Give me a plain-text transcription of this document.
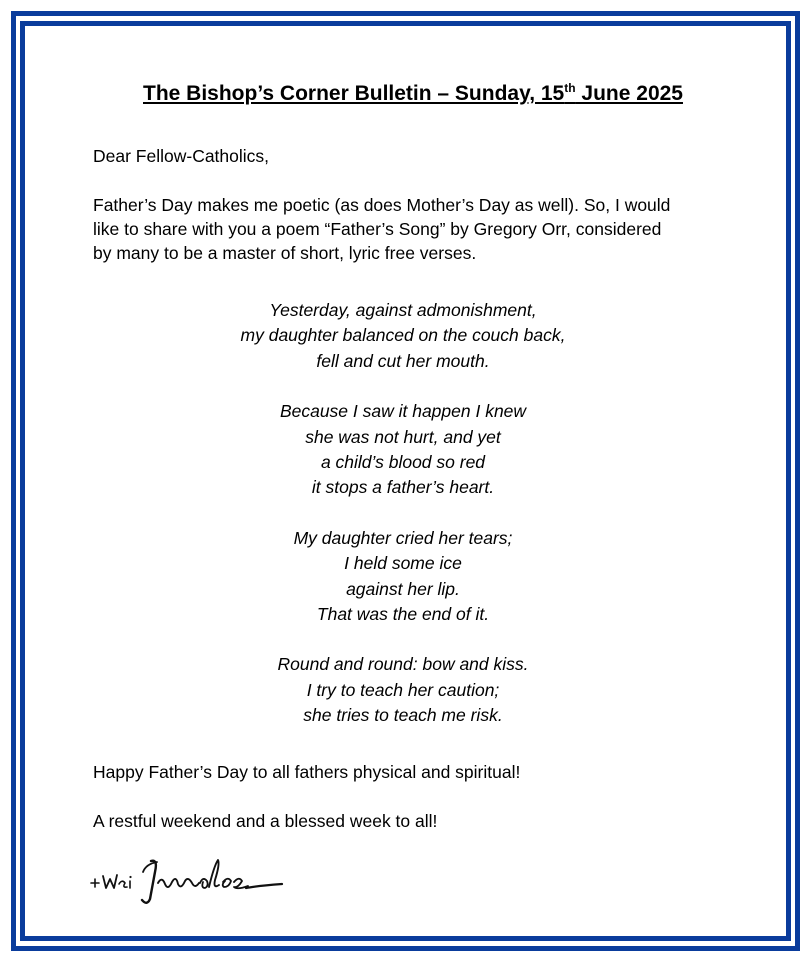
The Bishop’s Corner Bulletin – Sunday, 15th June 2025

Dear Fellow-Catholics,

Father’s Day makes me poetic (as does Mother’s Day as well). So, I would
like to share with you a poem “Father’s Song” by Gregory Orr, considered
by many to be a master of short, lyric free verses.

Yesterday, against admonishment,
my daughter balanced on the couch back,
fell and cut her mouth.

Because I saw it happen I knew
she was not hurt, and yet
a child’s blood so red
it stops a father’s heart.

My daughter cried her tears;
I held some ice
against her lip.
That was the end of it.

Round and round: bow and kiss.
I try to teach her caution;
she tries to teach me risk.

Happy Father’s Day to all fathers physical and spiritual!

A restful weekend and a blessed week to all!
